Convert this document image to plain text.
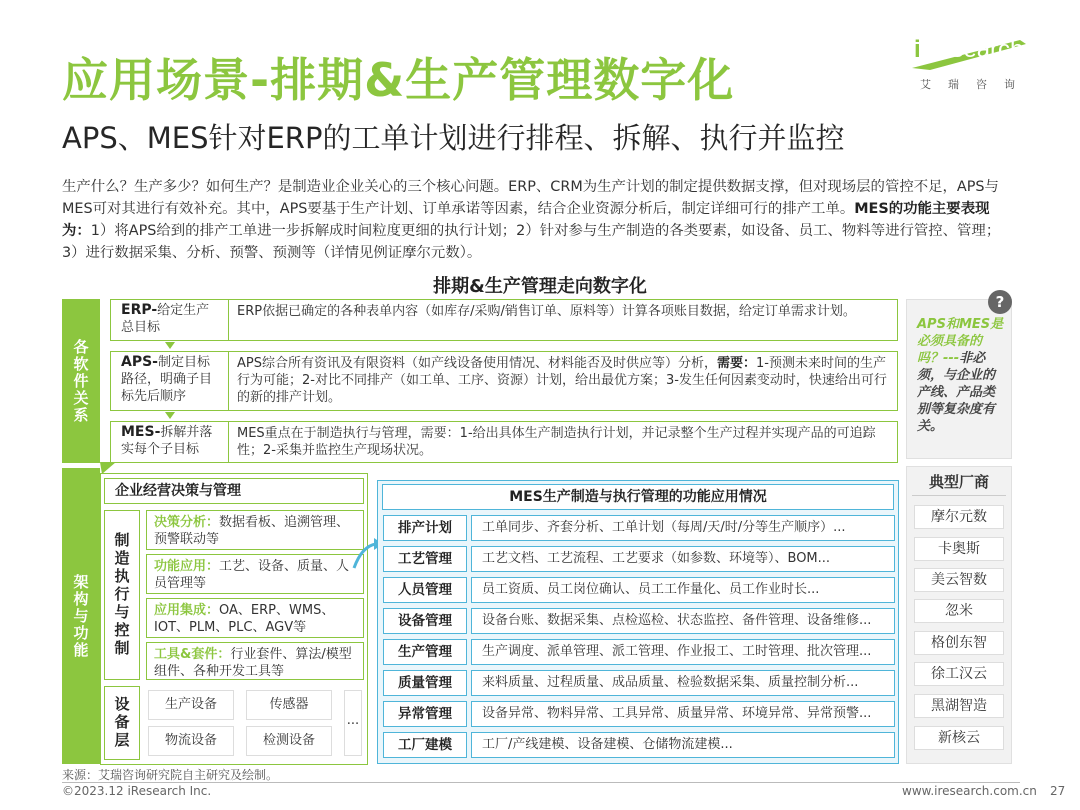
应用场景-排期&生产管理数字化
APS、MES针对ERP的工单计划进行排程、拆解、执行并监控
iResearch
艾瑞咨询
生产什么？生产多少？如何生产？是制造业企业关心的三个核心问题。ERP、CRM为生产计划的制定提供数据支撑，但对现场层的管控不足，APS与MES可对其进行有效补充。其中，APS要基于生产计划、订单承诺等因素，结合企业资源分析后，制定详细可行的排产工单。MES的功能主要表现为：1）将APS给到的排产工单进一步拆解成时间粒度更细的执行计划；2）针对参与生产制造的各类要素，如设备、员工、物料等进行管控、管理；3）进行数据采集、分析、预警、预测等（详情见例证摩尔元数）。
排期&生产管理走向数字化
各软件关系
架构与功能
ERP-给定生产总目标
ERP依据已确定的各种表单内容（如库存/采购/销售订单、原料等）计算各项账目数据，给定订单需求计划。
APS-制定目标路径，明确子目标先后顺序
APS综合所有资讯及有限资料（如产线设备使用情况、材料能否及时供应等）分析，需要：1-预测未来时间的生产行为可能；2-对比不同排产（如工单、工序、资源）计划，给出最优方案；3-发生任何因素变动时，快速给出可行的新的排产计划。
MES-拆解并落实每个子目标
MES重点在于制造执行与管理，需要：1-给出具体生产制造执行计划，并记录整个生产过程并实现产品的可追踪性；2-采集并监控生产现场状况。
APS和MES是必须具备的吗？---非必须，与企业的产线、产品类别等复杂度有关。
?
企业经营决策与管理
制造执行与控制
决策分析：数据看板、追溯管理、预警联动等
功能应用：工艺、设备、质量、人员管理等
应用集成：OA、ERP、WMS、IOT、PLM、PLC、AGV等
工具&套件：行业套件、算法/模型组件、各种开发工具等
设备层	生产设备	传感器
物流设备	检测设备
...
MES生产制造与执行管理的功能应用情况
排产计划	工单同步、齐套分析、工单计划（每周/天/时/分等生产顺序）...
工艺管理	工艺文档、工艺流程、工艺要求（如参数、环境等）、BOM...
人员管理	员工资质、员工岗位确认、员工工作量化、员工作业时长...
设备管理	设备台账、数据采集、点检巡检、状态监控、备件管理、设备维修...
生产管理	生产调度、派单管理、派工管理、作业报工、工时管理、批次管理...
质量管理	来料质量、过程质量、成品质量、检验数据采集、质量控制分析...
异常管理	设备异常、物料异常、工具异常、质量异常、环境异常、异常预警...
工厂建模	工厂/产线建模、设备建模、仓储物流建模...
典型厂商
摩尔元数
卡奥斯
美云智数
忽米
格创东智
徐工汉云
黑湖智造
新核云
来源：艾瑞咨询研究院自主研究及绘制。
©2023.12 iResearch Inc.	www.iresearch.com.cn 27
